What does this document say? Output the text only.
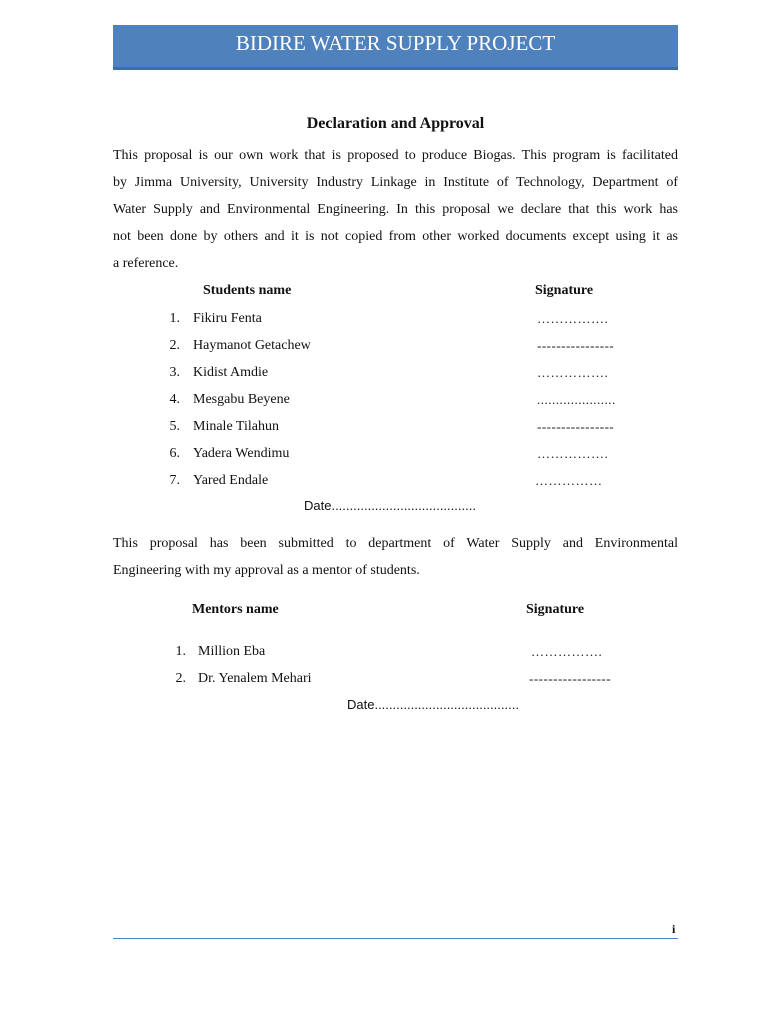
BIDIRE WATER SUPPLY PROJECT
Declaration and Approval
This proposal is our own work that is proposed to produce Biogas. This program is facilitated
by Jimma University, University Industry Linkage in Institute of Technology, Department of
Water Supply and Environmental Engineering. In this proposal we declare that this work has
not been done by others and it is not copied from other worked documents except using it as
a reference.
Students name	Signature
1. Fikiru Fenta	…………….
2. Haymanot Getachew	----------------
3. Kidist Amdie	…………….
4. Mesgabu Beyene	.....................
5. Minale Tilahun	----------------
6. Yadera Wendimu	…………….
7. Yared Endale	……………
Date........................................
This proposal has been submitted to department of Water Supply and Environmental
Engineering with my approval as a mentor of students.
Mentors name	Signature
1. Million Eba	…………….
2. Dr. Yenalem Mehari	-----------------
Date........................................
i
